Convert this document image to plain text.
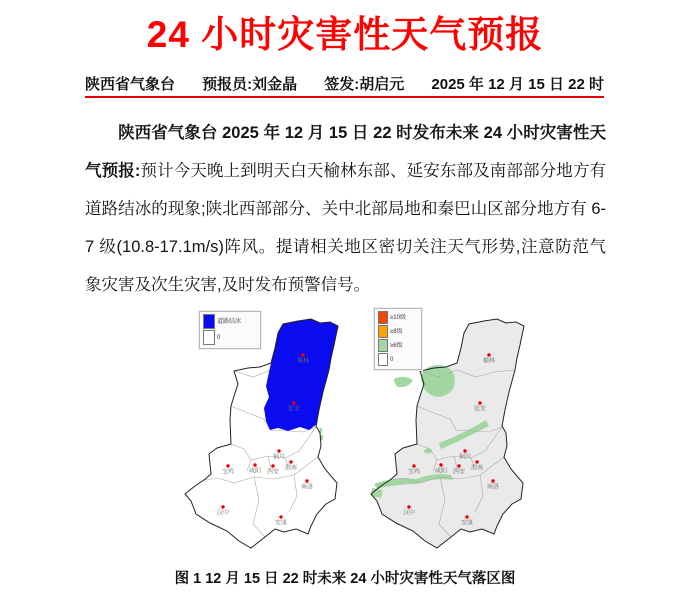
24 小时灾害性天气预报
陕西省气象台 预报员:刘金晶 签发:胡启元 2025 年 12 月 15 日 22 时
陕西省气象台 2025 年 12 月 15 日 22 时发布未来 24 小时灾害性天气预报:预计今天晚上到明天白天榆林东部、延安东部及南部部分地方有道路结冰的现象;陕北西部部分、关中北部局地和秦巴山区部分地方有 6-7 级(10.8-17.1m/s)阵风。提请相关地区密切关注天气形势,注意防范气象灾害及次生灾害,及时发布预警信号。
榆林
延安
铜川
渭南
咸阳 西安
宝鸡
商洛
汉中
安康
道路结冰
0
榆林
延安
铜川
渭南
咸阳 西安
宝鸡
商洛
汉中
安康
≥10级
≥8级
≥6级
0
图 1 12 月 15 日 22 时未来 24 小时灾害性天气落区图
